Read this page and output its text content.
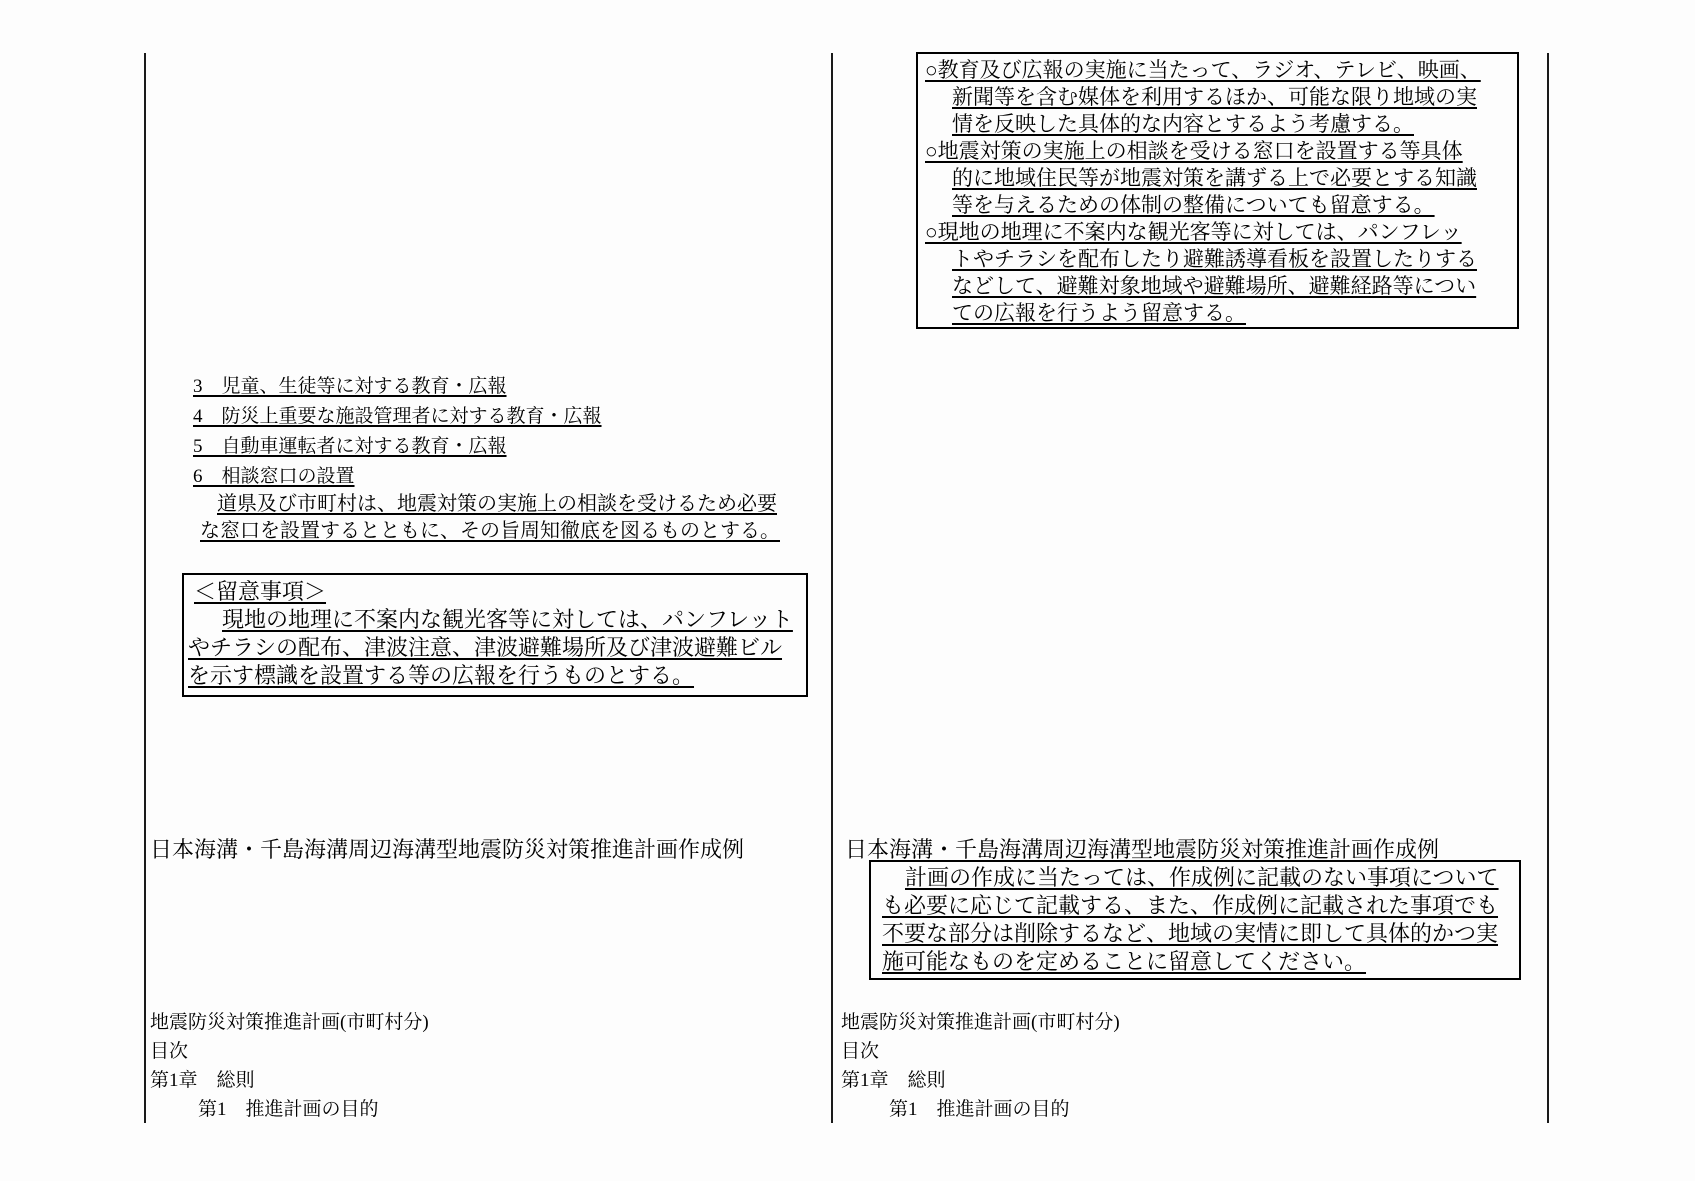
○教育及び広報の実施に当たって、ラジオ、テレビ、映画、
新聞等を含む媒体を利用するほか、可能な限り地域の実
情を反映した具体的な内容とするよう考慮する。
○地震対策の実施上の相談を受ける窓口を設置する等具体
的に地域住民等が地震対策を講ずる上で必要とする知識
等を与えるための体制の整備についても留意する。
○現地の地理に不案内な観光客等に対しては、パンフレッ
トやチラシを配布したり避難誘導看板を設置したりする
などして、避難対象地域や避難場所、避難経路等につい
ての広報を行うよう留意する。
3　児童、生徒等に対する教育・広報
4　防災上重要な施設管理者に対する教育・広報
5　自動車運転者に対する教育・広報
6　相談窓口の設置
道県及び市町村は、地震対策の実施上の相談を受けるため必要
な窓口を設置するとともに、その旨周知徹底を図るものとする。
＜留意事項＞
現地の地理に不案内な観光客等に対しては、パンフレット
やチラシの配布、津波注意、津波避難場所及び津波避難ビル
を示す標識を設置する等の広報を行うものとする。
日本海溝・千島海溝周辺海溝型地震防災対策推進計画作成例	日本海溝・千島海溝周辺海溝型地震防災対策推進計画作成例
計画の作成に当たっては、作成例に記載のない事項について
も必要に応じて記載する、また、作成例に記載された事項でも
不要な部分は削除するなど、地域の実情に即して具体的かつ実
施可能なものを定めることに留意してください。
地震防災対策推進計画(市町村分)
目次
第1章　総則
第1　推進計画の目的
地震防災対策推進計画(市町村分)
目次
第1章　総則
第1　推進計画の目的
